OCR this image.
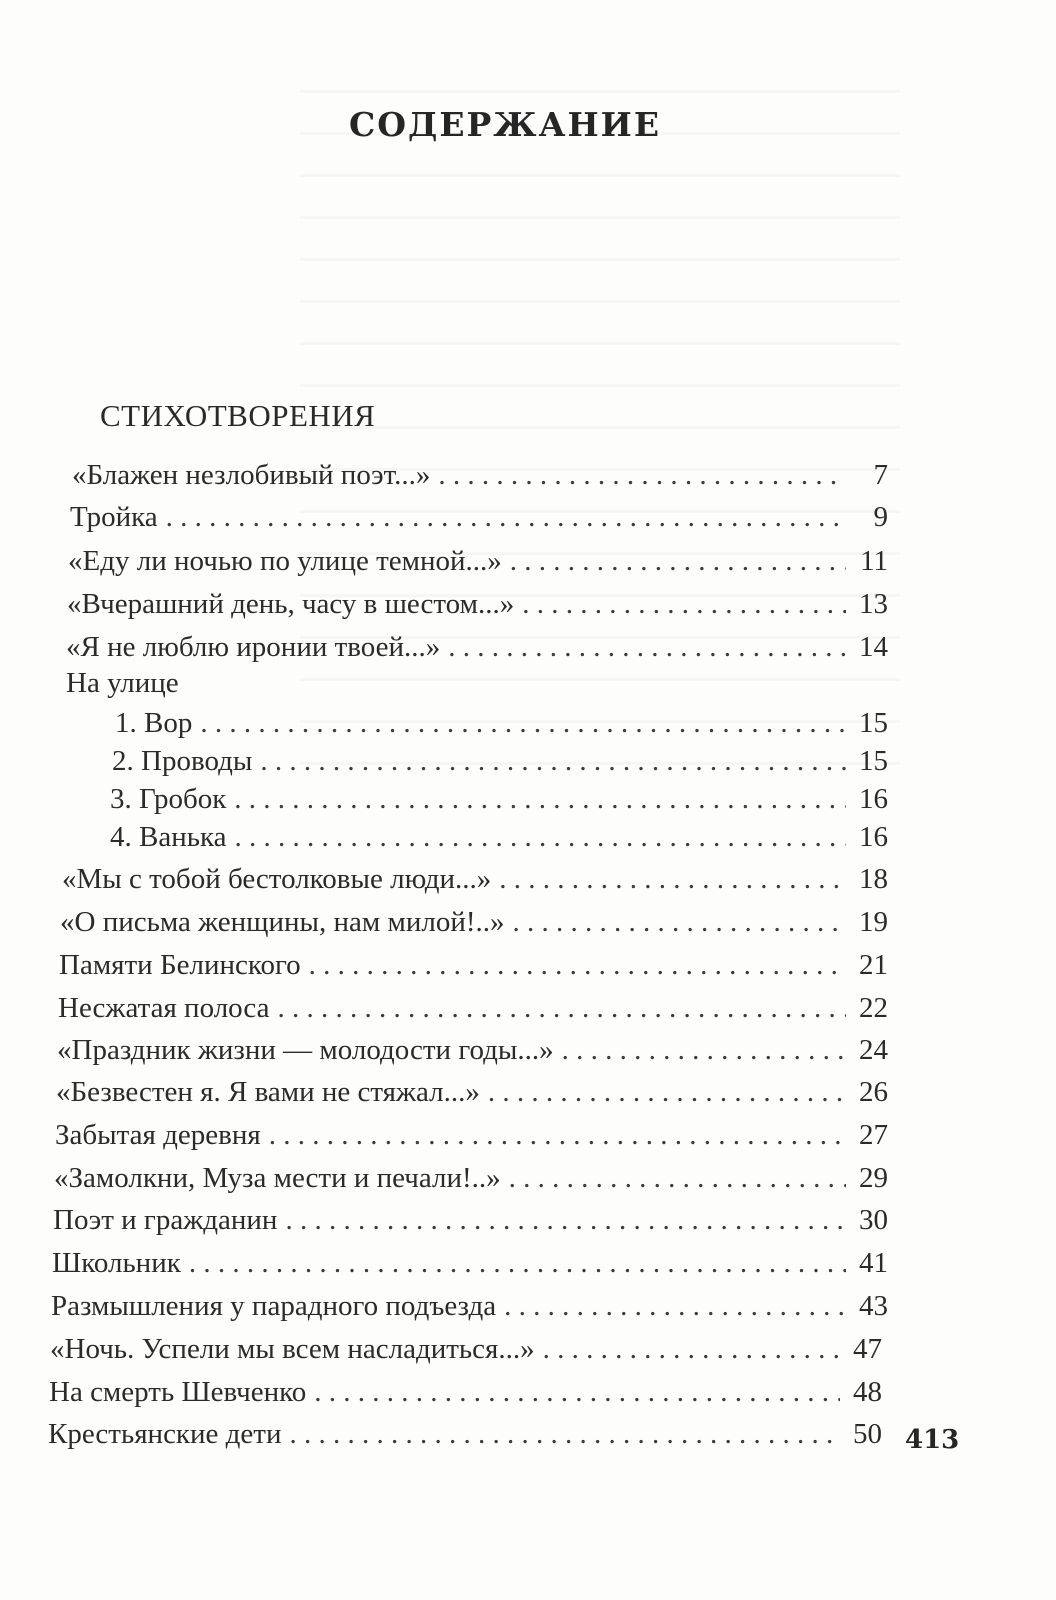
СОДЕРЖАНИЕ
СТИХОТВОРЕНИЯ
«Блажен незлобивый поэт...» . . .	7
Тройка . . .	9
«Еду ли ночью по улице темной...» . . .	11
«Вчерашний день, часу в шестом...» . . .	13
«Я не люблю иронии твоей...» . . .	14
На улице
1. Вор . . .	15
2. Проводы . . .	15
3. Гробок . . .	16
4. Ванька . . .	16
«Мы с тобой бестолковые люди...» . . .	18
«О письма женщины, нам милой!..» . . .	19
Памяти Белинского . . .	21
Несжатая полоса . . .	22
«Праздник жизни — молодости годы...» . . .	24
«Безвестен я. Я вами не стяжал...» . . .	26
Забытая деревня . . .	27
«Замолкни, Муза мести и печали!..» . . .	29
Поэт и гражданин . . .	30
Школьник . . .	41
Размышления у парадного подъезда . . .	43
«Ночь. Успели мы всем насладиться...» . . .	47
На смерть Шевченко . . .	48
Крестьянские дети . . .	50 413
